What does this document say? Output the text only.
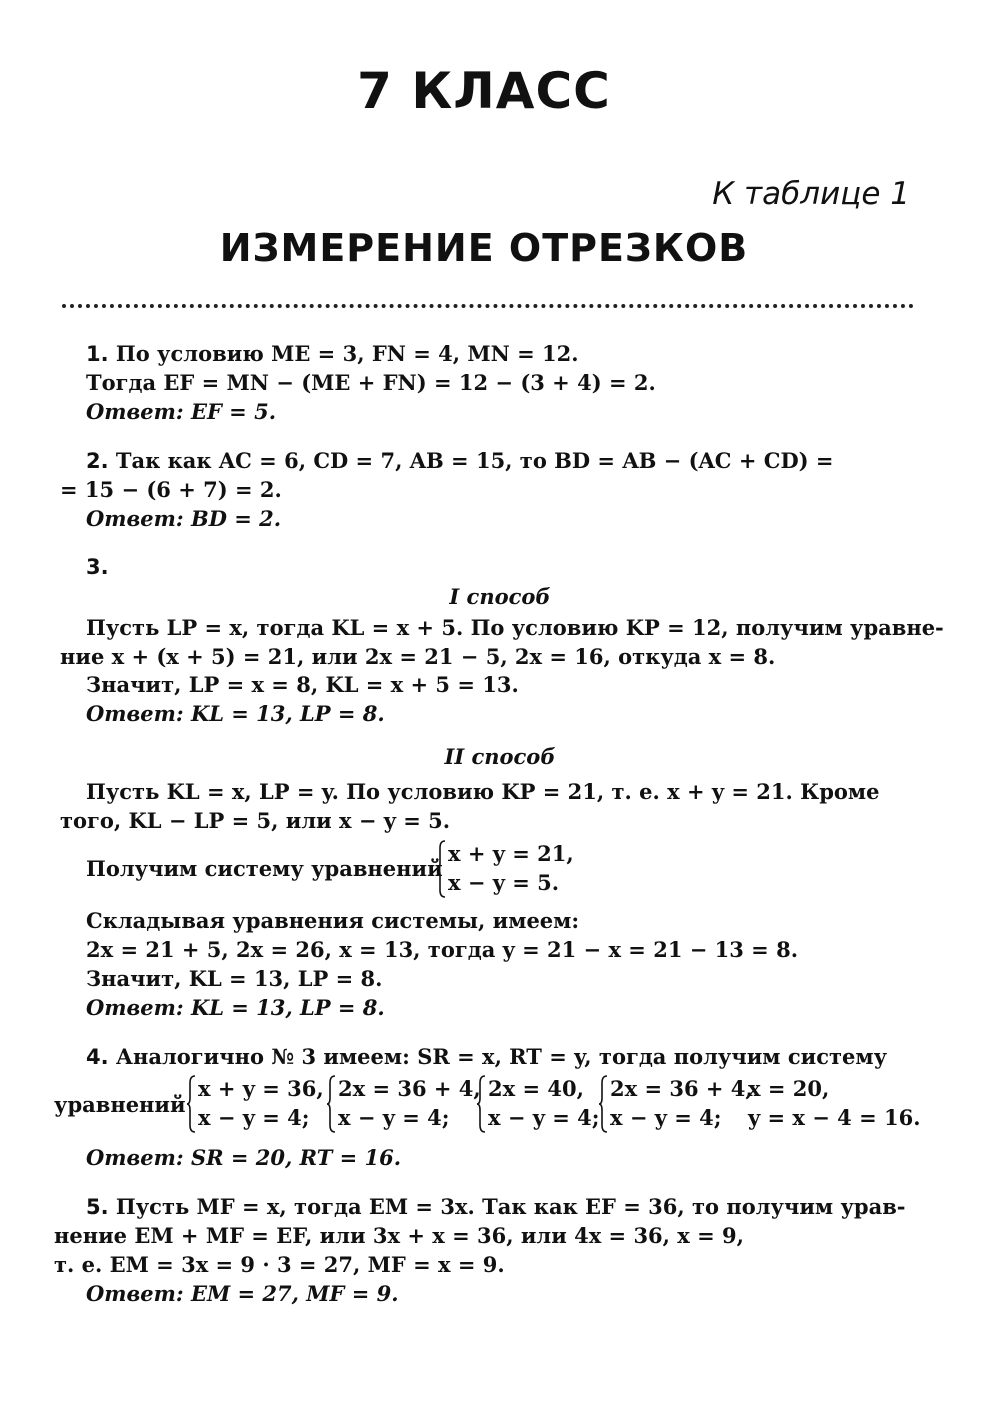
7 КЛАСС
К таблице 1
ИЗМЕРЕНИЕ ОТРЕЗКОВ
1. По условию ME = 3, FN = 4, MN = 12.
Тогда EF = MN − (ME + FN) = 12 − (3 + 4) = 2.
Ответ: EF = 5.
2. Так как AC = 6, CD = 7, AB = 15, то BD = AB − (AC + CD) =
= 15 − (6 + 7) = 2.
Ответ: BD = 2.
3.
I способ
Пусть LP = x, тогда KL = x + 5. По условию KP = 12, получим уравне-
ние x + (x + 5) = 21, или 2x = 21 − 5, 2x = 16, откуда x = 8.
Значит, LP = x = 8, KL = x + 5 = 13.
Ответ: KL = 13, LP = 8.
II способ
Пусть KL = x, LP = y. По условию KP = 21, т. е. x + y = 21. Кроме
того, KL − LP = 5, или x − y = 5.
Получим систему уравнений
x + y = 21,
x − y = 5.
Складывая уравнения системы, имеем:
2x = 21 + 5, 2x = 26, x = 13, тогда y = 21 − x = 21 − 13 = 8.
Значит, KL = 13, LP = 8.
Ответ: KL = 13, LP = 8.
4. Аналогично № 3 имеем: SR = x, RT = y, тогда получим систему
уравнений
x + y = 36,
x − y = 4;
2x = 36 + 4,
x − y = 4;
2x = 40,
x − y = 4;
2x = 36 + 4,
x − y = 4;
x = 20,
y = x − 4 = 16.
Ответ: SR = 20, RT = 16.
5. Пусть MF = x, тогда EM = 3x. Так как EF = 36, то получим урав-
нение EM + MF = EF, или 3x + x = 36, или 4x = 36, x = 9,
т. е. EM = 3x = 9 · 3 = 27, MF = x = 9.
Ответ: EM = 27, MF = 9.
